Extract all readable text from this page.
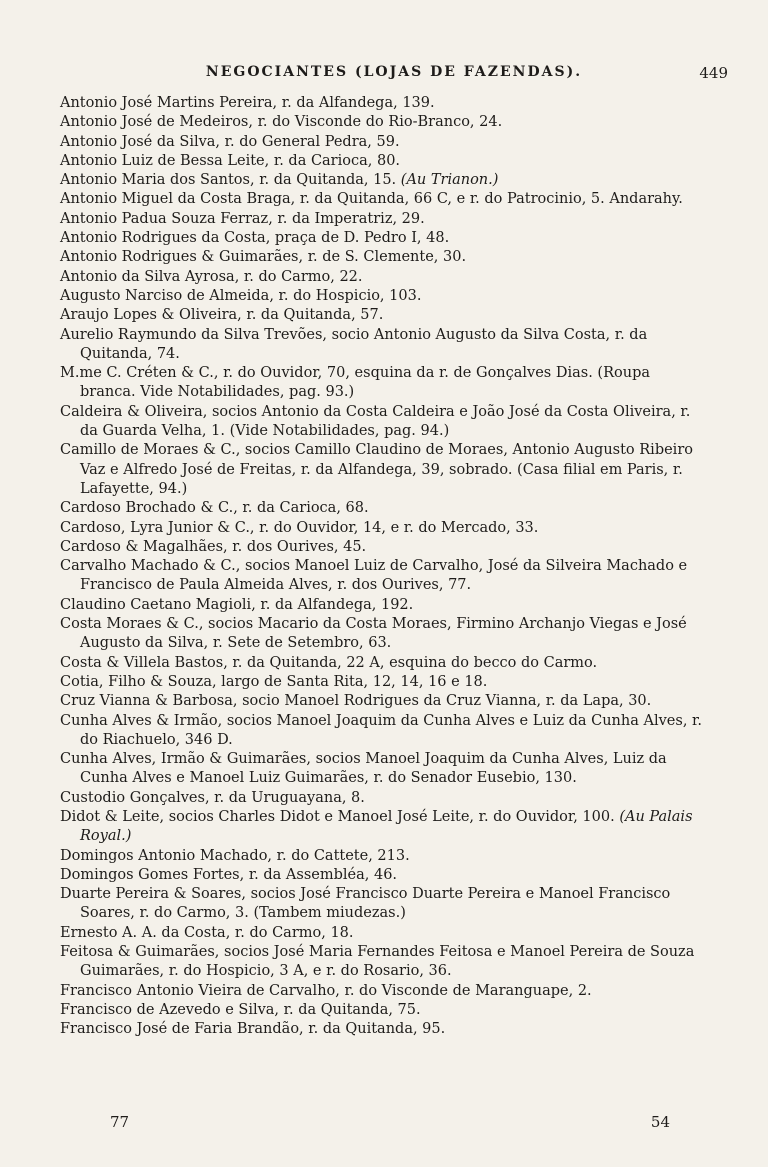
NEGOCIANTES (LOJAS DE FAZENDAS).	449
Antonio José Martins Pereira, r. da Alfandega, 139.
Antonio José de Medeiros, r. do Visconde do Rio-Branco, 24.
Antonio José da Silva, r. do General Pedra, 59.
Antonio Luiz de Bessa Leite, r. da Carioca, 80.
Antonio Maria dos Santos, r. da Quitanda, 15. (Au Trianon.)
Antonio Miguel da Costa Braga, r. da Quitanda, 66 C, e r. do Patrocinio, 5. Andarahy.
Antonio Padua Souza Ferraz, r. da Imperatriz, 29.
Antonio Rodrigues da Costa, praça de D. Pedro I, 48.
Antonio Rodrigues & Guimarães, r. de S. Clemente, 30.
Antonio da Silva Ayrosa, r. do Carmo, 22.
Augusto Narciso de Almeida, r. do Hospicio, 103.
Araujo Lopes & Oliveira, r. da Quitanda, 57.
Aurelio Raymundo da Silva Trevões, socio Antonio Augusto da Silva Costa, r. da Quitanda, 74.
M.me C. Créten & C., r. do Ouvidor, 70, esquina da r. de Gonçalves Dias. (Roupa branca. Vide Notabilidades, pag. 93.)
Caldeira & Oliveira, socios Antonio da Costa Caldeira e João José da Costa Oliveira, r. da Guarda Velha, 1. (Vide Notabilidades, pag. 94.)
Camillo de Moraes & C., socios Camillo Claudino de Moraes, Antonio Augusto Ribeiro Vaz e Alfredo José de Freitas, r. da Alfandega, 39, sobrado. (Casa filial em Paris, r. Lafayette, 94.)
Cardoso Brochado & C., r. da Carioca, 68.
Cardoso, Lyra Junior & C., r. do Ouvidor, 14, e r. do Mercado, 33.
Cardoso & Magalhães, r. dos Ourives, 45.
Carvalho Machado & C., socios Manoel Luiz de Carvalho, José da Silveira Machado e Francisco de Paula Almeida Alves, r. dos Ourives, 77.
Claudino Caetano Magioli, r. da Alfandega, 192.
Costa Moraes & C., socios Macario da Costa Moraes, Firmino Archanjo Viegas e José Augusto da Silva, r. Sete de Setembro, 63.
Costa & Villela Bastos, r. da Quitanda, 22 A, esquina do becco do Carmo.
Cotia, Filho & Souza, largo de Santa Rita, 12, 14, 16 e 18.
Cruz Vianna & Barbosa, socio Manoel Rodrigues da Cruz Vianna, r. da Lapa, 30.
Cunha Alves & Irmão, socios Manoel Joaquim da Cunha Alves e Luiz da Cunha Alves, r. do Riachuelo, 346 D.
Cunha Alves, Irmão & Guimarães, socios Manoel Joaquim da Cunha Alves, Luiz da Cunha Alves e Manoel Luiz Guimarães, r. do Senador Eusebio, 130.
Custodio Gonçalves, r. da Uruguayana, 8.
Didot & Leite, socios Charles Didot e Manoel José Leite, r. do Ouvidor, 100. (Au Palais Royal.)
Domingos Antonio Machado, r. do Cattete, 213.
Domingos Gomes Fortes, r. da Assembléa, 46.
Duarte Pereira & Soares, socios José Francisco Duarte Pereira e Manoel Francisco Soares, r. do Carmo, 3. (Tambem miudezas.)
Ernesto A. A. da Costa, r. do Carmo, 18.
Feitosa & Guimarães, socios José Maria Fernandes Feitosa e Manoel Pereira de Souza Guimarães, r. do Hospicio, 3 A, e r. do Rosario, 36.
Francisco Antonio Vieira de Carvalho, r. do Visconde de Maranguape, 2.
Francisco de Azevedo e Silva, r. da Quitanda, 75.
Francisco José de Faria Brandão, r. da Quitanda, 95.
77	54
